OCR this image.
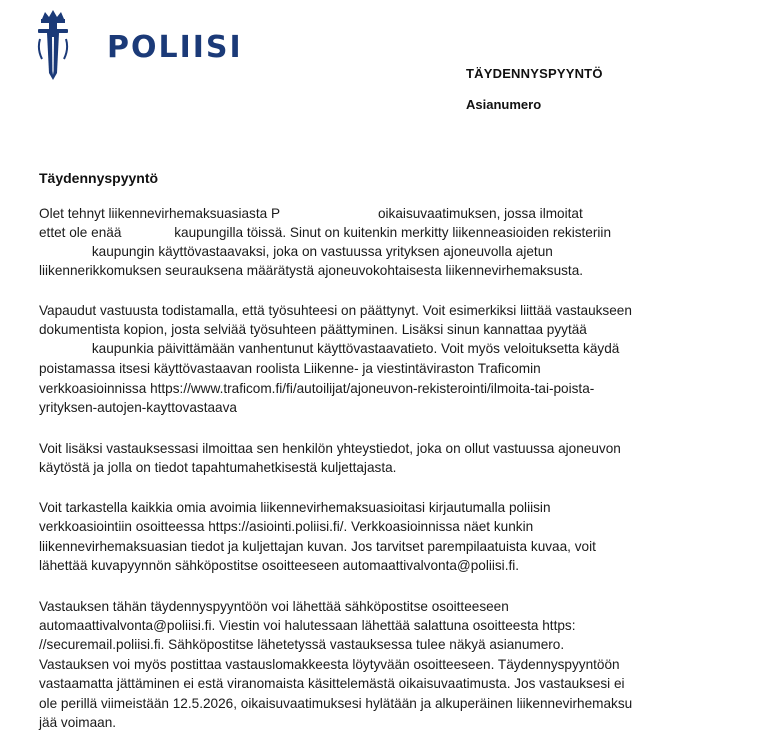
POLIISI
TÄYDENNYSPYYNTÖ
Asianumero
Täydennyspyyntö
Olet tehnyt liikennevirhemaksuasiasta P                          oikaisuvaatimuksen, jossa ilmoitat
ettet ole enää              kaupungilla töissä. Sinut on kuitenkin merkitty liikenneasioiden rekisteriin
kaupungin käyttövastaavaksi, joka on vastuussa yrityksen ajoneuvolla ajetun
liikennerikkomuksen seurauksena määrätystä ajoneuvokohtaisesta liikennevirhemaksusta.
Vapaudut vastuusta todistamalla, että työsuhteesi on päättynyt. Voit esimerkiksi liittää vastaukseen
dokumentista kopion, josta selviää työsuhteen päättyminen. Lisäksi sinun kannattaa pyytää
kaupunkia päivittämään vanhentunut käyttövastaavatieto. Voit myös veloituksetta käydä
poistamassa itsesi käyttövastaavan roolista Liikenne- ja viestintäviraston Traficomin
verkkoasioinnissa https://www.traficom.fi/fi/autoilijat/ajoneuvon-rekisterointi/ilmoita-tai-poista-
yrityksen-autojen-kayttovastaava
Voit lisäksi vastauksessasi ilmoittaa sen henkilön yhteystiedot, joka on ollut vastuussa ajoneuvon
käytöstä ja jolla on tiedot tapahtumahetkisestä kuljettajasta.
Voit tarkastella kaikkia omia avoimia liikennevirhemaksuasioitasi kirjautumalla poliisin
verkkoasiointiin osoitteessa https://asiointi.poliisi.fi/. Verkkoasioinnissa näet kunkin
liikennevirhemaksuasian tiedot ja kuljettajan kuvan. Jos tarvitset parempilaatuista kuvaa, voit
lähettää kuvapyynnön sähköpostitse osoitteeseen automaattivalvonta@poliisi.fi.
Vastauksen tähän täydennyspyyntöön voi lähettää sähköpostitse osoitteeseen
automaattivalvonta@poliisi.fi. Viestin voi halutessaan lähettää salattuna osoitteesta https:
//securemail.poliisi.fi. Sähköpostitse lähetetyssä vastauksessa tulee näkyä asianumero.
Vastauksen voi myös postittaa vastauslomakkeesta löytyvään osoitteeseen. Täydennyspyyntöön
vastaamatta jättäminen ei estä viranomaista käsittelemästä oikaisuvaatimusta. Jos vastauksesi ei
ole perillä viimeistään 12.5.2026, oikaisuvaatimuksesi hylätään ja alkuperäinen liikennevirhemaksu
jää voimaan.
